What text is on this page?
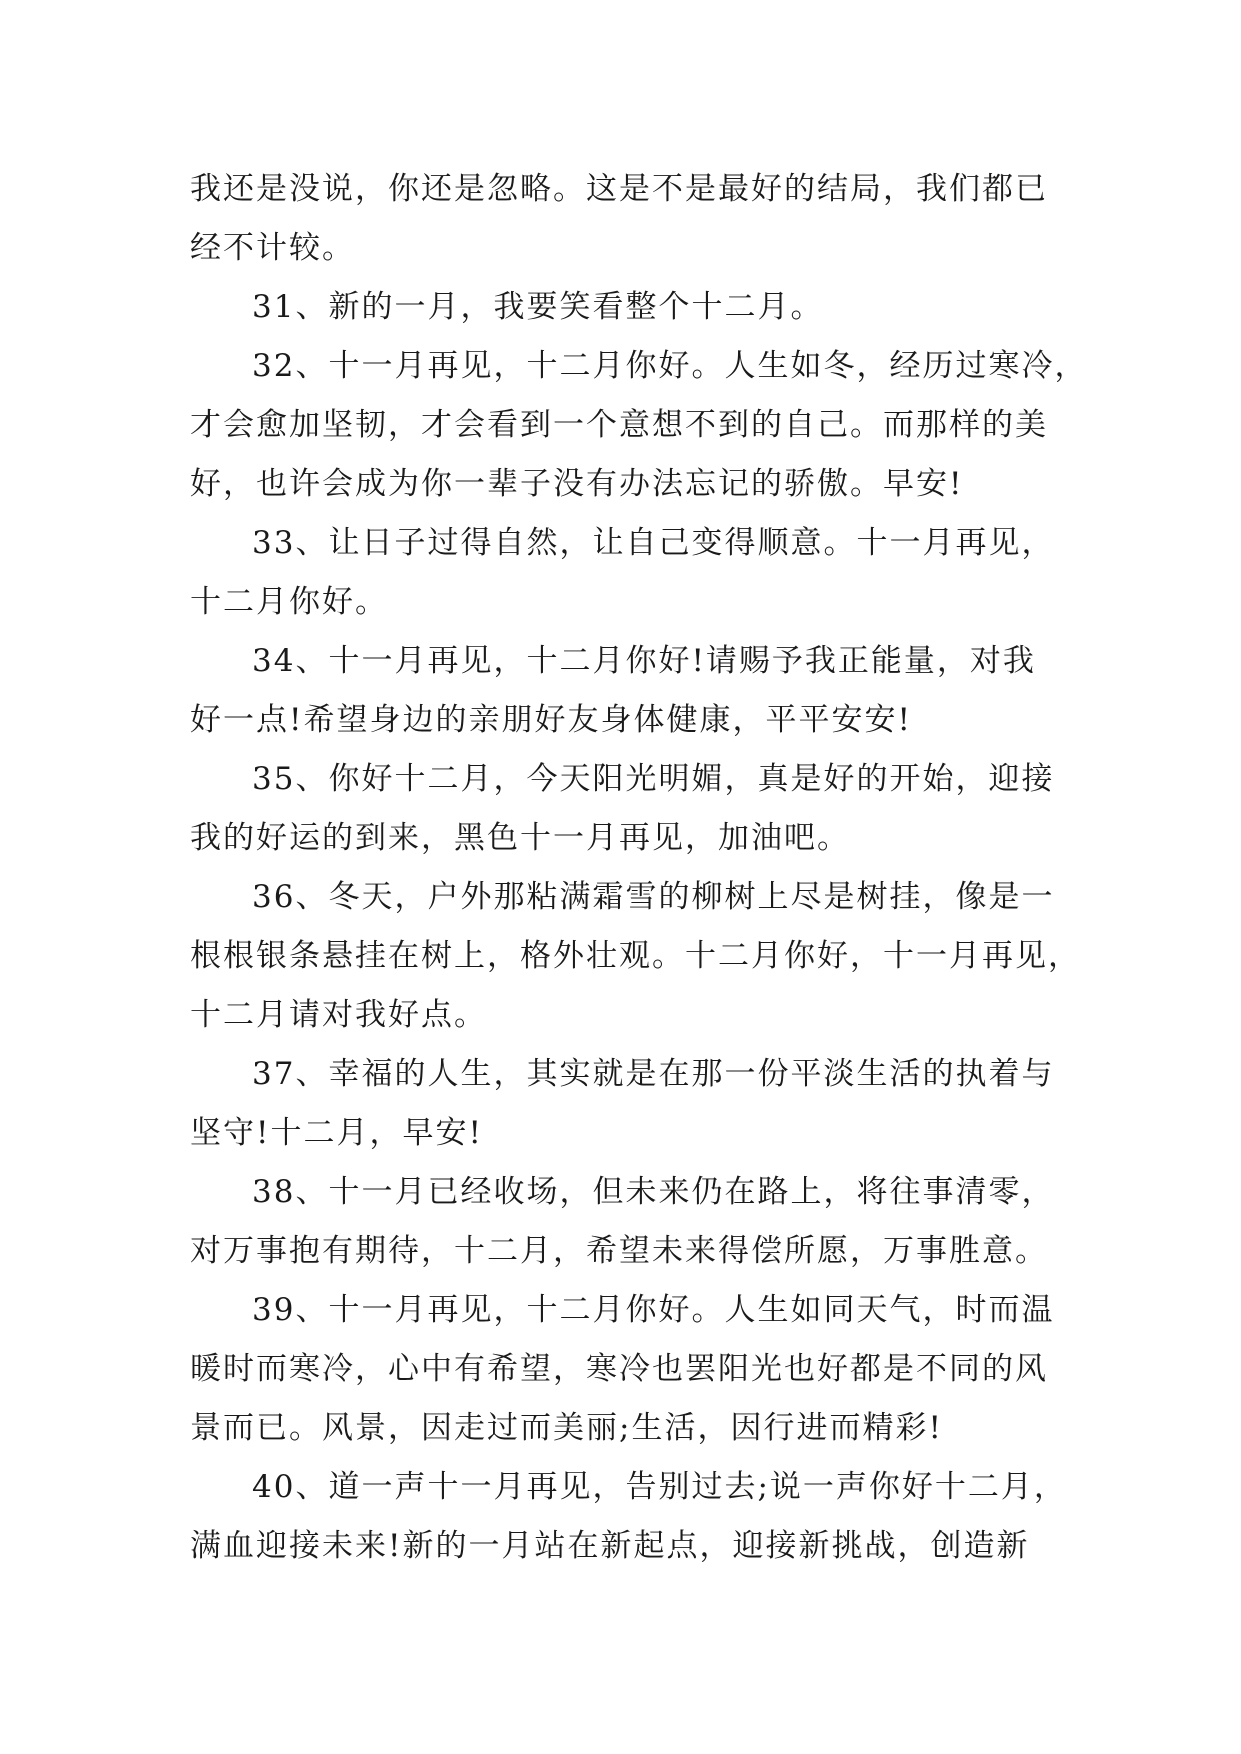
我还是没说，你还是忽略。这是不是最好的结局，我们都已
经不计较。
31、新的一月，我要笑看整个十二月。
32、十一月再见，十二月你好。人生如冬，经历过寒冷，
才会愈加坚韧，才会看到一个意想不到的自己。而那样的美
好，也许会成为你一辈子没有办法忘记的骄傲。早安!
33、让日子过得自然，让自己变得顺意。十一月再见，
十二月你好。
34、十一月再见，十二月你好!请赐予我正能量，对我
好一点!希望身边的亲朋好友身体健康，平平安安!
35、你好十二月，今天阳光明媚，真是好的开始，迎接
我的好运的到来，黑色十一月再见，加油吧。
36、冬天，户外那粘满霜雪的柳树上尽是树挂，像是一
根根银条悬挂在树上，格外壮观。十二月你好，十一月再见，
十二月请对我好点。
37、幸福的人生，其实就是在那一份平淡生活的执着与
坚守!十二月，早安!
38、十一月已经收场，但未来仍在路上，将往事清零，
对万事抱有期待，十二月，希望未来得偿所愿，万事胜意。
39、十一月再见，十二月你好。人生如同天气，时而温
暖时而寒冷，心中有希望，寒冷也罢阳光也好都是不同的风
景而已。风景，因走过而美丽;生活，因行进而精彩!
40、道一声十一月再见，告别过去;说一声你好十二月，
满血迎接未来!新的一月站在新起点，迎接新挑战，创造新
